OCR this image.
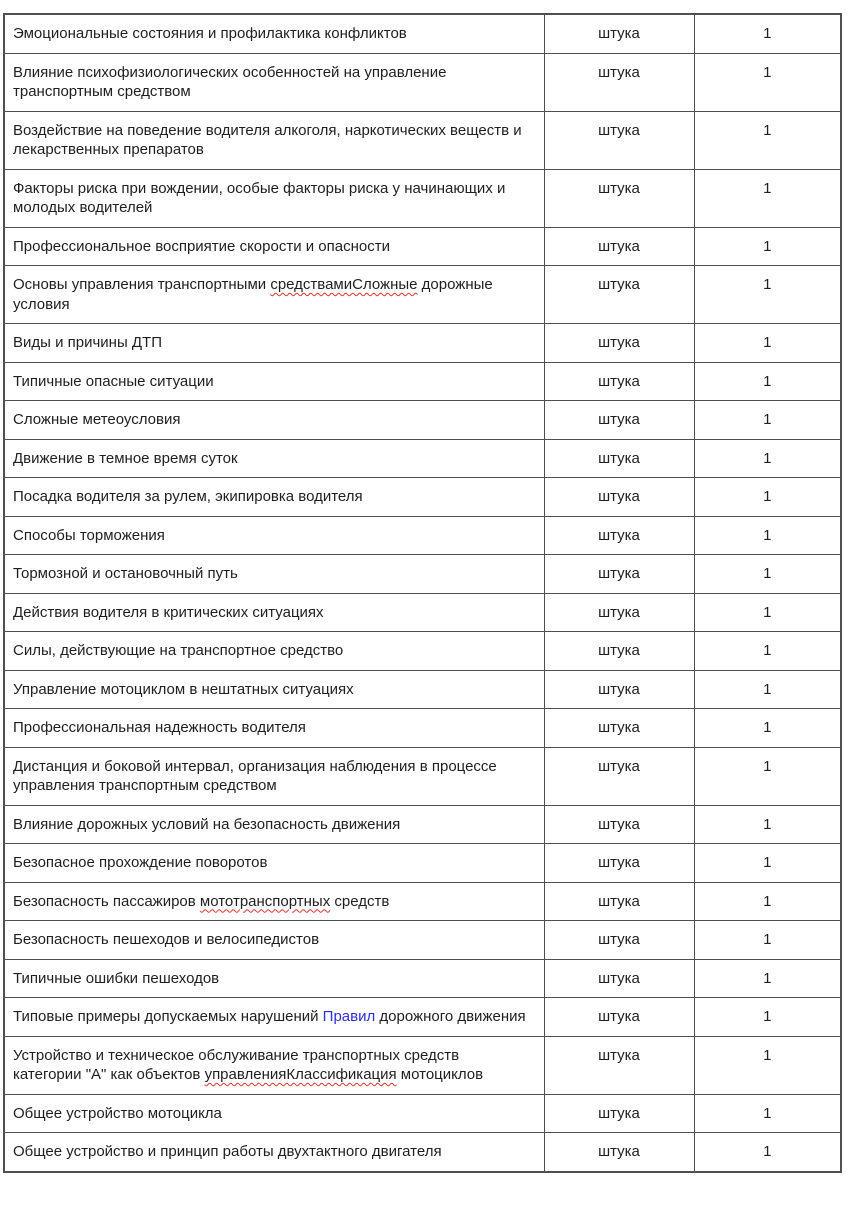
Эмоциональные состояния и профилактика конфликтов	штука	1
Влияние психофизиологических особенностей на управление транспортным средством	штука	1
Воздействие на поведение водителя алкоголя, наркотических веществ и лекарственных препаратов	штука	1
Факторы риска при вождении, особые факторы риска у начинающих и молодых водителей	штука	1
Профессиональное восприятие скорости и опасности	штука	1
Основы управления транспортными средствамиСложные дорожные условия	штука	1
Виды и причины ДТП	штука	1
Типичные опасные ситуации	штука	1
Сложные метеоусловия	штука	1
Движение в темное время суток	штука	1
Посадка водителя за рулем, экипировка водителя	штука	1
Способы торможения	штука	1
Тормозной и остановочный путь	штука	1
Действия водителя в критических ситуациях	штука	1
Силы, действующие на транспортное средство	штука	1
Управление мотоциклом в нештатных ситуациях	штука	1
Профессиональная надежность водителя	штука	1
Дистанция и боковой интервал, организация наблюдения в процессе управления транспортным средством	штука	1
Влияние дорожных условий на безопасность движения	штука	1
Безопасное прохождение поворотов	штука	1
Безопасность пассажиров мототранспортных средств	штука	1
Безопасность пешеходов и велосипедистов	штука	1
Типичные ошибки пешеходов	штука	1
Типовые примеры допускаемых нарушений Правил дорожного движения	штука	1
Устройство и техническое обслуживание транспортных средств категории "А" как объектов управленияКлассификация мотоциклов	штука	1
Общее устройство мотоцикла	штука	1
Общее устройство и принцип работы двухтактного двигателя	штука	1
